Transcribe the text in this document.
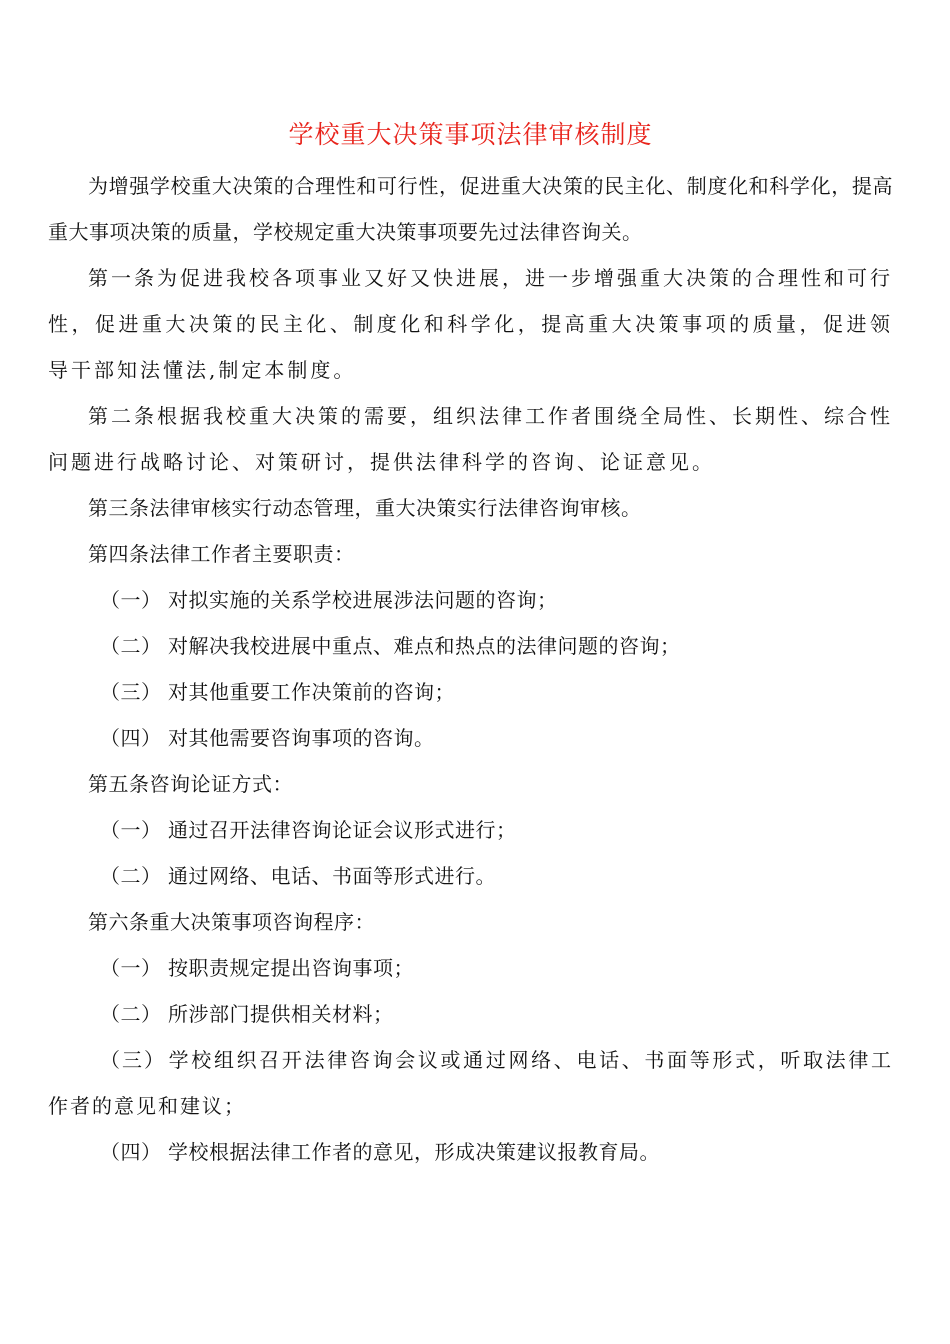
学校重大决策事项法律审核制度

为增强学校重大决策的合理性和可行性，促进重大决策的民主化、制度化和科学化，提高重大事项决策的质量，学校规定重大决策事项要先过法律咨询关。

第一条为促进我校各项事业又好又快进展，进一步增强重大决策的合理性和可行性，促进重大决策的民主化、制度化和科学化，提高重大决策事项的质量，促进领导干部知法懂法,制定本制度。

第二条根据我校重大决策的需要，组织法律工作者围绕全局性、长期性、综合性问题进行战略讨论、对策研讨，提供法律科学的咨询、论证意见。

第三条法律审核实行动态管理，重大决策实行法律咨询审核。

第四条法律工作者主要职责：

（一） 对拟实施的关系学校进展涉法问题的咨询；

（二） 对解决我校进展中重点、难点和热点的法律问题的咨询；

（三） 对其他重要工作决策前的咨询；

（四） 对其他需要咨询事项的咨询。

第五条咨询论证方式：

（一） 通过召开法律咨询论证会议形式进行；

（二） 通过网络、电话、书面等形式进行。

第六条重大决策事项咨询程序：

（一） 按职责规定提出咨询事项；

（二） 所涉部门提供相关材料；

（三） 学校组织召开法律咨询会议或通过网络、电话、书面等形式，听取法律工作者的意见和建议；

（四） 学校根据法律工作者的意见，形成决策建议报教育局。
